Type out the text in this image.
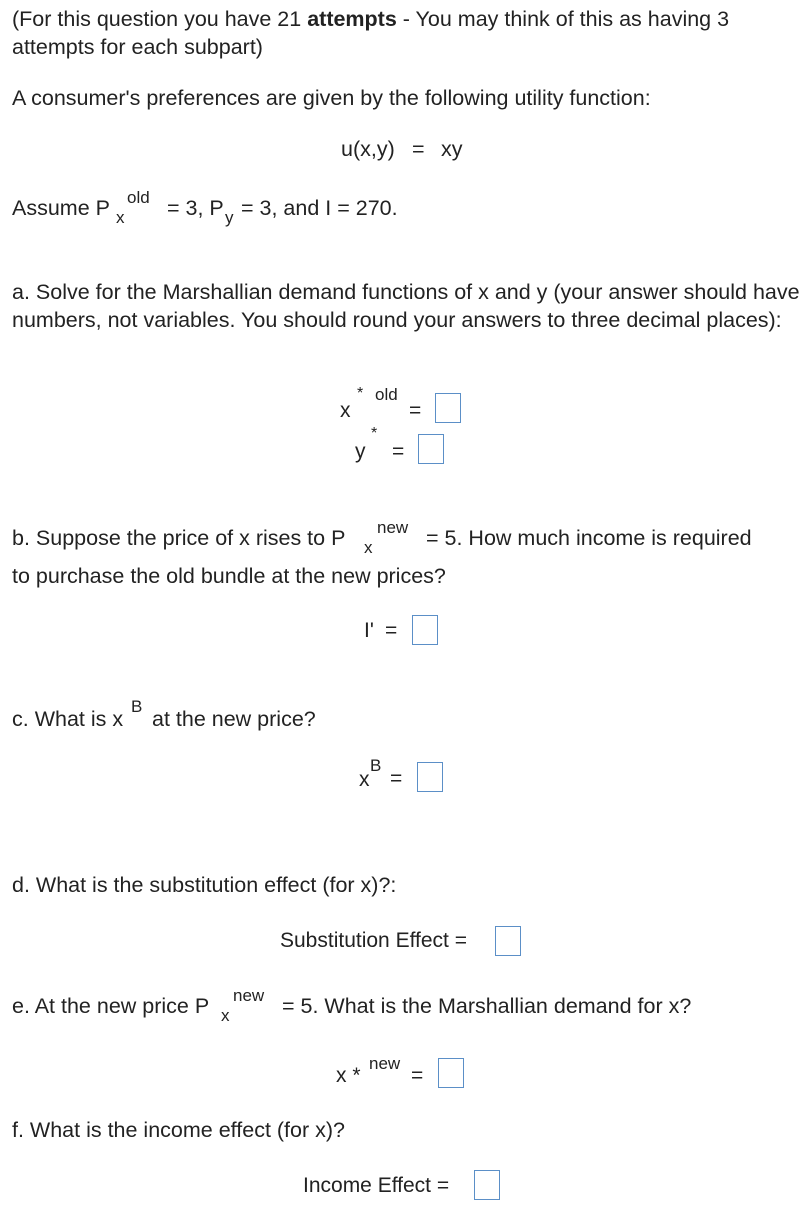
(For this question you have 21 attempts - You may think of this as having 3 attempts for each subpart)
A consumer's preferences are given by the following utility function:
u(x,y) = xy
Assume P x
old = 3, P y = 3, and I = 270.
a. Solve for the Marshallian demand functions of x and y (your answer should have numbers, not variables. You should round your answers to three decimal places):
x
* old
=
y
*
=
b. Suppose the price of x rises to P x
new = 5. How much income is required
to purchase the old bundle at the new prices?
I' =
c. What is x
B
at the new price?
x
B
=
d. What is the substitution effect (for x)?:
Substitution Effect =
e. At the new price P x
new = 5. What is the Marshallian demand for x?
x *
new
=
f. What is the income effect (for x)?
Income Effect =
